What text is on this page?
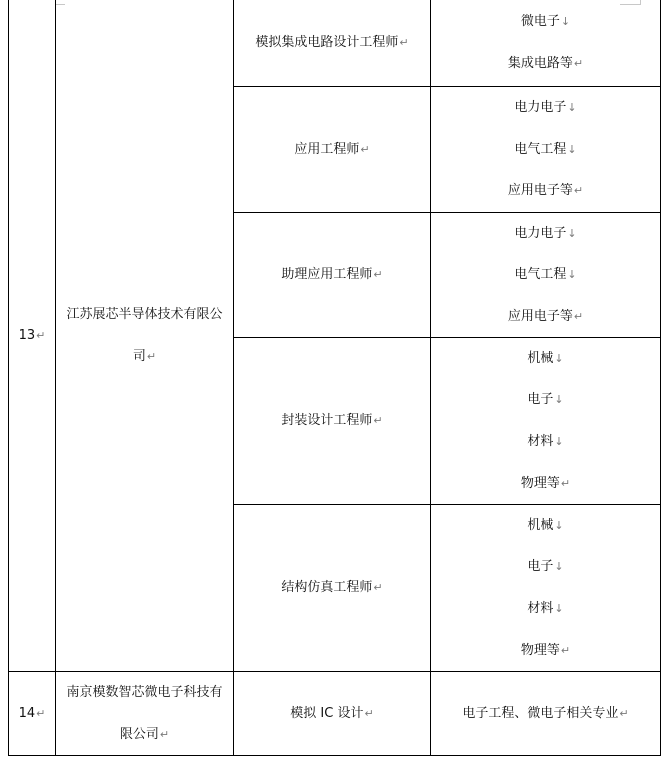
13↵
江苏展芯半导体技术有限公
司↵
模拟集成电路设计工程师↵
微电子↓
集成电路等↵
应用工程师↵
电力电子↓
电气工程↓
应用电子等↵
助理应用工程师↵
电力电子↓
电气工程↓
应用电子等↵
封装设计工程师↵
机械↓
电子↓
材料↓
物理等↵
结构仿真工程师↵
机械↓
电子↓
材料↓
物理等↵
14↵
南京模数智芯微电子科技有
限公司↵
模拟 IC 设计↵	电子工程、微电子相关专业↵
